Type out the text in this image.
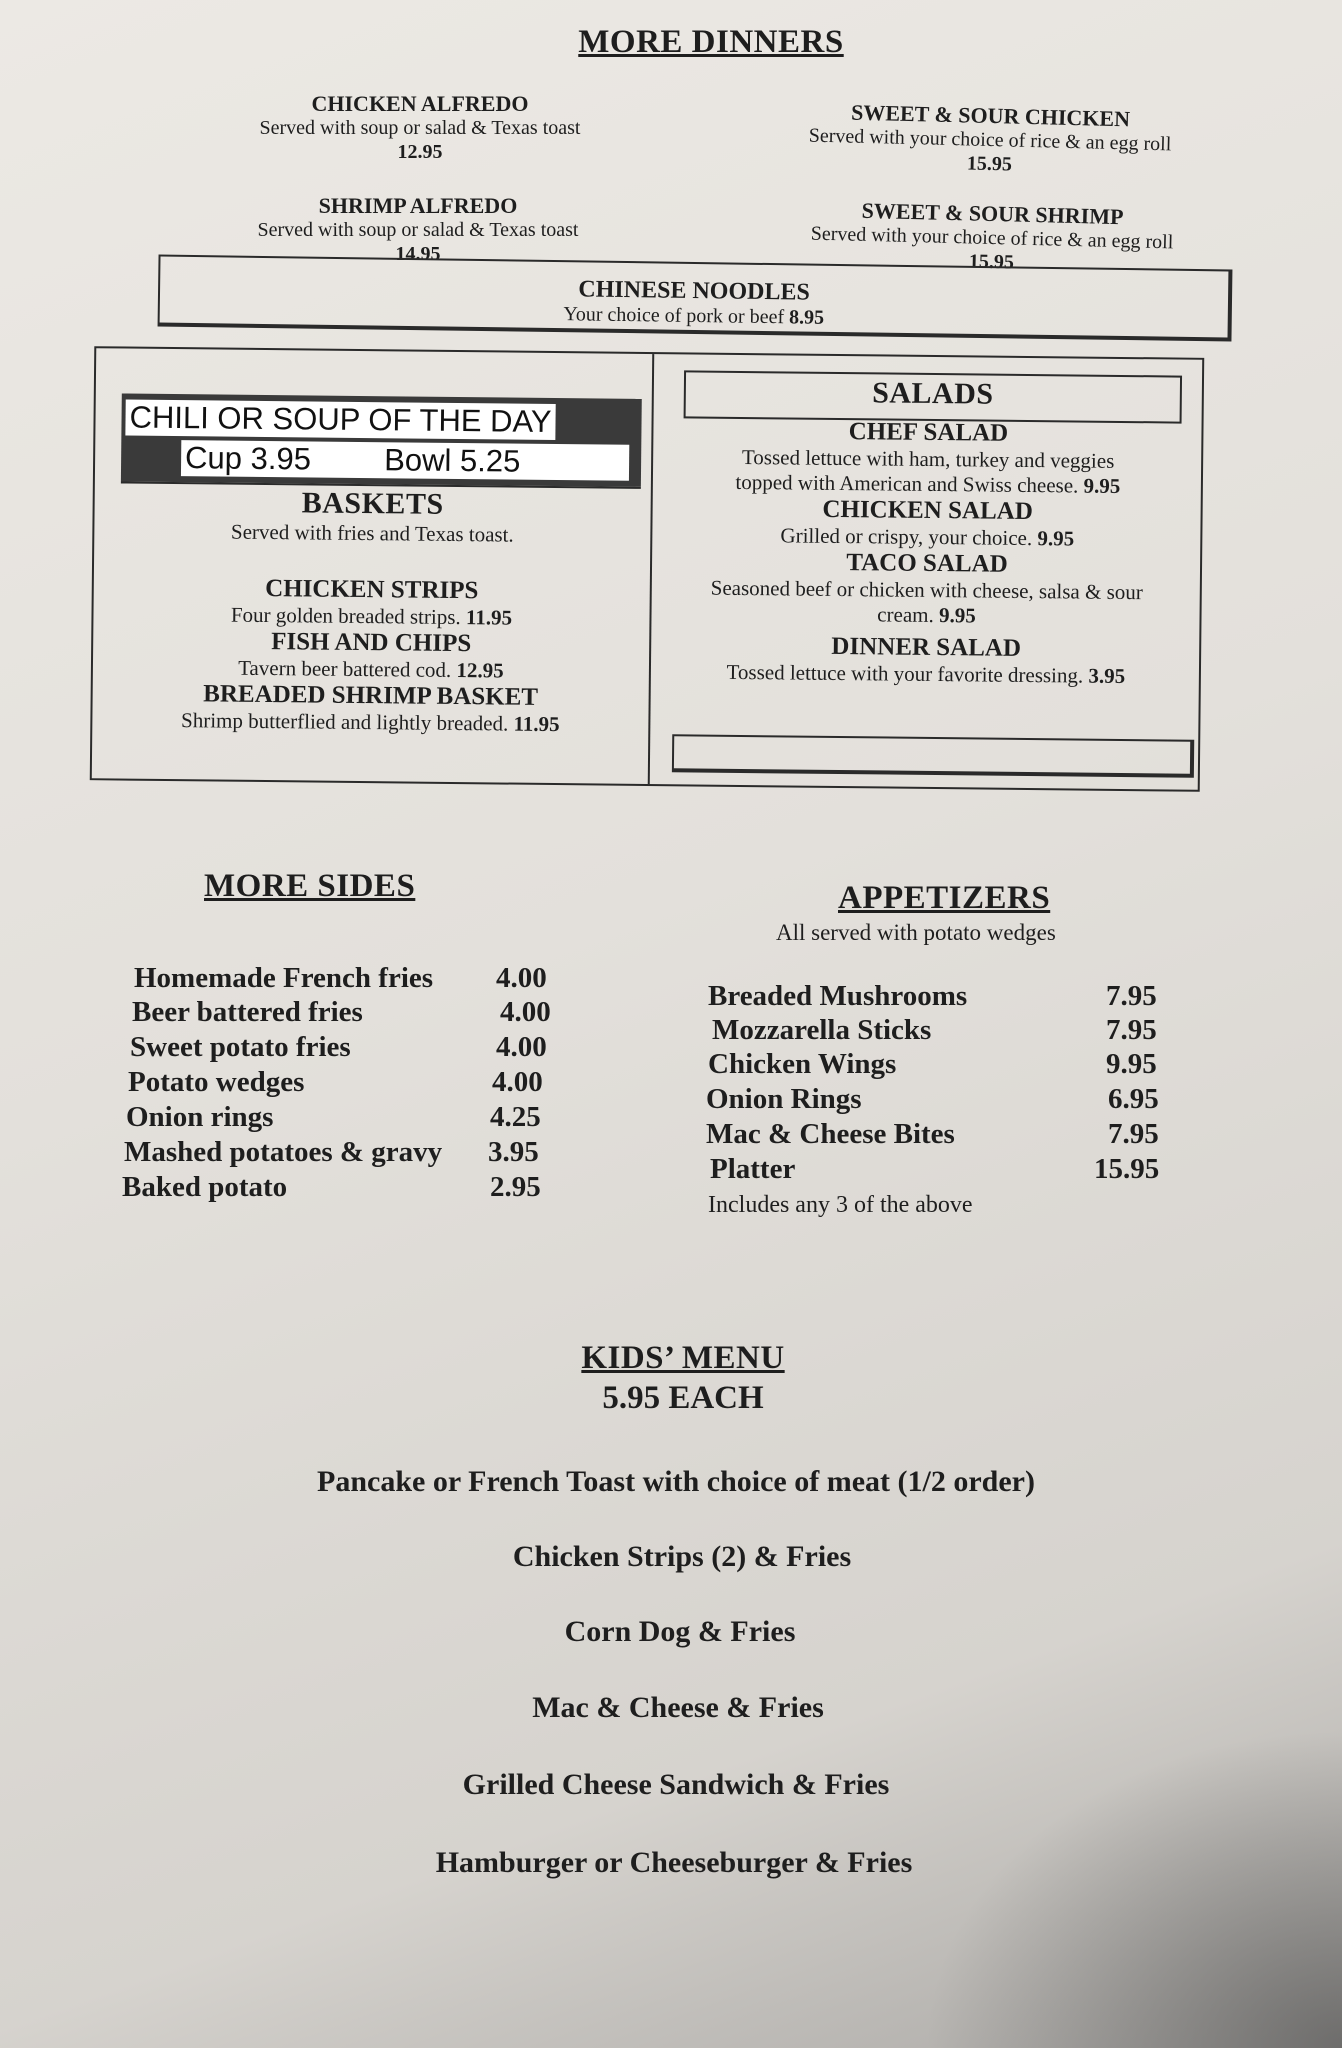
MORE DINNERS
CHICKEN ALFREDO
Served with soup or salad & Texas toast
12.95
SWEET & SOUR CHICKEN
Served with your choice of rice & an egg roll
15.95
SHRIMP ALFREDO
Served with soup or salad & Texas toast
14.95
SWEET & SOUR SHRIMP
Served with your choice of rice & an egg roll
15.95
CHINESE NOODLES
Your choice of pork or beef 8.95
CHILI OR SOUP OF THE DAY
Cup 3.95 Bowl 5.25
BASKETS
Served with fries and Texas toast.
CHICKEN STRIPS
Four golden breaded strips. 11.95
FISH AND CHIPS
Tavern beer battered cod. 12.95
BREADED SHRIMP BASKET
Shrimp butterflied and lightly breaded. 11.95
SALADS
CHEF SALAD
Tossed lettuce with ham, turkey and veggies
topped with American and Swiss cheese. 9.95
CHICKEN SALAD
Grilled or crispy, your choice. 9.95
TACO SALAD
Seasoned beef or chicken with cheese, salsa & sour
cream. 9.95
DINNER SALAD
Tossed lettuce with your favorite dressing. 3.95
MORE SIDES
Homemade French fries 4.00
Beer battered fries	4.00
Sweet potato fries	4.00
Potato wedges	4.00
Onion rings	4.25
Mashed potatoes & gravy 3.95
Baked potato	2.95
APPETIZERS
All served with potato wedges
Breaded Mushrooms	7.95
Mozzarella Sticks	7.95
Chicken Wings	9.95
Onion Rings	6.95
Mac & Cheese Bites	7.95
Platter	15.95
Includes any 3 of the above
KIDS’ MENU
5.95 EACH
Pancake or French Toast with choice of meat (1/2 order)
Chicken Strips (2) & Fries
Corn Dog & Fries
Mac & Cheese & Fries
Grilled Cheese Sandwich & Fries
Hamburger or Cheeseburger & Fries
